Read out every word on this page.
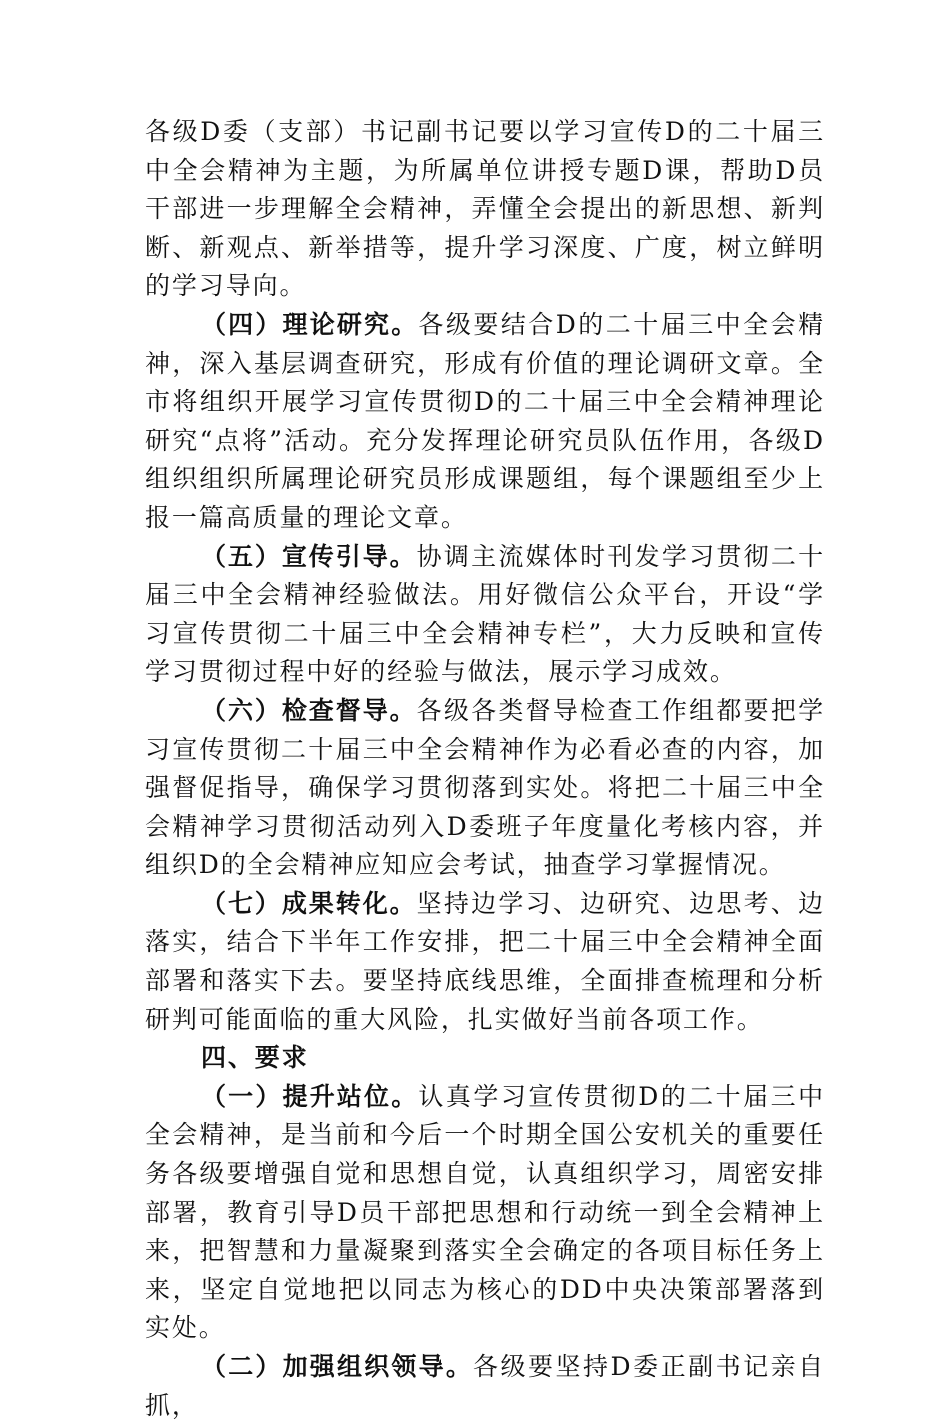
各级D委（支部）书记副书记要以学习宣传D的二十届三中全会精神为主题，为所属单位讲授专题D课，帮助D员干部进一步理解全会精神，弄懂全会提出的新思想、新判断、新观点、新举措等，提升学习深度、广度，树立鲜明的学习导向。

（四）理论研究。各级要结合D的二十届三中全会精神，深入基层调查研究，形成有价值的理论调研文章。全市将组织开展学习宣传贯彻D的二十届三中全会精神理论研究“点将”活动。充分发挥理论研究员队伍作用，各级D组织组织所属理论研究员形成课题组，每个课题组至少上报一篇高质量的理论文章。

（五）宣传引导。协调主流媒体时刊发学习贯彻二十届三中全会精神经验做法。用好微信公众平台，开设“学习宣传贯彻二十届三中全会精神专栏”，大力反映和宣传学习贯彻过程中好的经验与做法，展示学习成效。

（六）检查督导。各级各类督导检查工作组都要把学习宣传贯彻二十届三中全会精神作为必看必查的内容，加强督促指导，确保学习贯彻落到实处。将把二十届三中全会精神学习贯彻活动列入D委班子年度量化考核内容，并组织D的全会精神应知应会考试，抽查学习掌握情况。

（七）成果转化。坚持边学习、边研究、边思考、边落实，结合下半年工作安排，把二十届三中全会精神全面部署和落实下去。要坚持底线思维，全面排查梳理和分析研判可能面临的重大风险，扎实做好当前各项工作。

四、要求

（一）提升站位。认真学习宣传贯彻D的二十届三中全会精神，是当前和今后一个时期全国公安机关的重要任务各级要增强自觉和思想自觉，认真组织学习，周密安排部署，教育引导D员干部把思想和行动统一到全会精神上来，把智慧和力量凝聚到落实全会确定的各项目标任务上来，坚定自觉地把以同志为核心的DD中央决策部署落到实处。

（二）加强组织领导。各级要坚持D委正副书记亲自抓，
